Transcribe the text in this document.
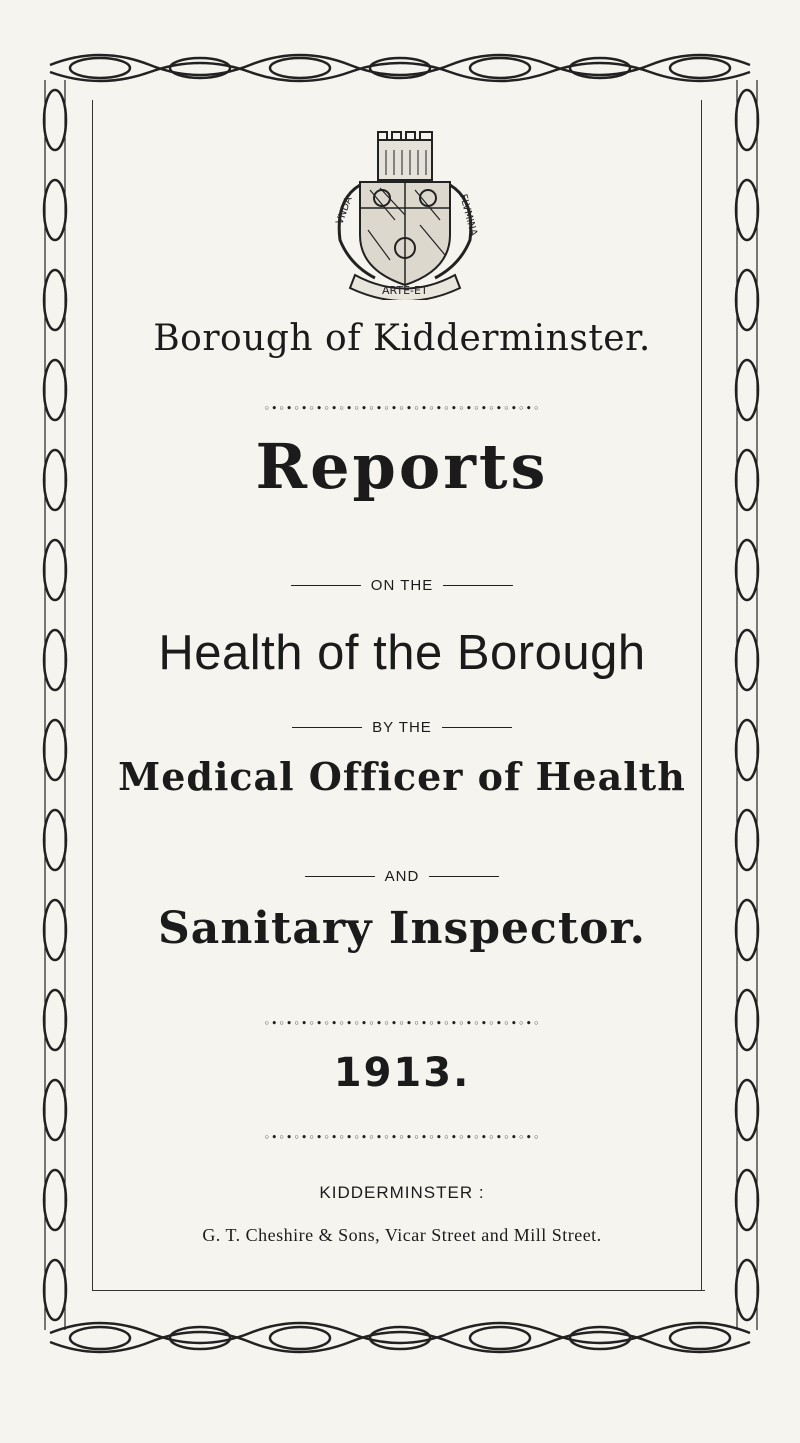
VNDA	FLVMINA
ARTE-ET
Borough of Kidderminster.
◦•◦•◦•◦•◦•◦•◦•◦•◦•◦•◦•◦•◦•◦•◦•◦•◦•◦•◦
Reports
ON THE
Health of the Borough
BY THE
Medical Officer of Health
AND
Sanitary Inspector.
◦•◦•◦•◦•◦•◦•◦•◦•◦•◦•◦•◦•◦•◦•◦•◦•◦•◦•◦
1913.
◦•◦•◦•◦•◦•◦•◦•◦•◦•◦•◦•◦•◦•◦•◦•◦•◦•◦•◦
KIDDERMINSTER :
G. T. Cheshire & Sons, Vicar Street and Mill Street.
